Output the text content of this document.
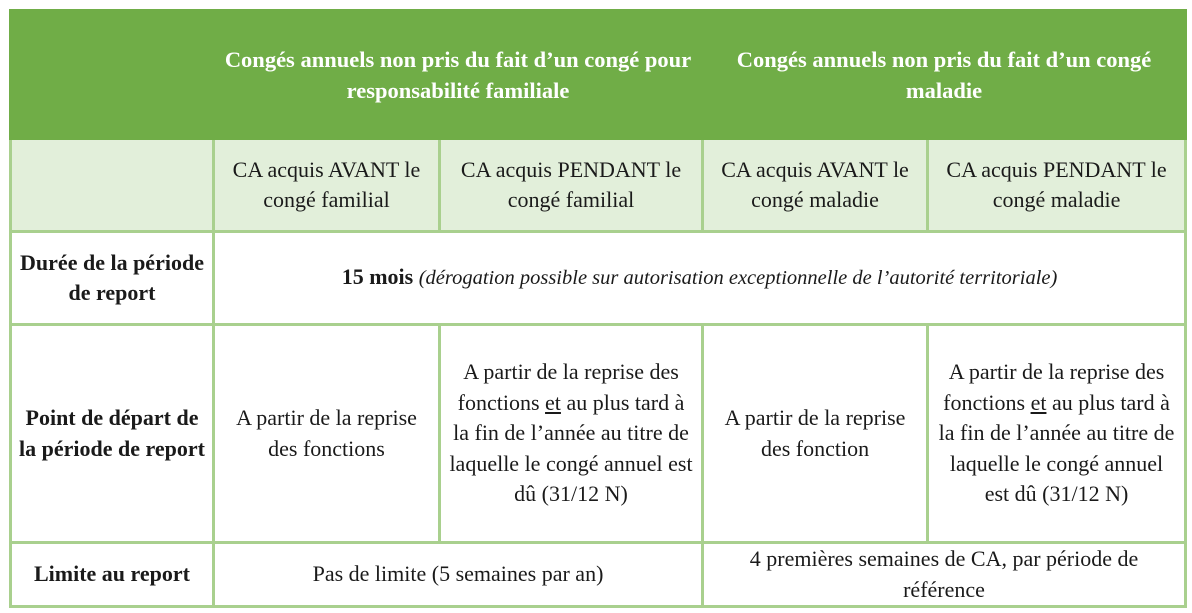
	Congés annuels non pris du fait d’un congé pour responsabilité familiale		Congés annuels non pris du fait d’un congé maladie	
	CA acquis AVANT le congé familial	CA acquis PENDANT le congé familial	CA acquis AVANT le congé maladie	CA acquis PENDANT le congé maladie
Durée de la période de report	15 mois (dérogation possible sur autorisation exceptionnelle de l’autorité territoriale)			
Point de départ de la période de report	A partir de la reprise des fonctions	A partir de la reprise des fonctions et au plus tard à la fin de l’année au titre de laquelle le congé annuel est dû (31/12 N)	A partir de la reprise des fonction	A partir de la reprise des fonctions et au plus tard à la fin de l’année au titre de laquelle le congé annuel est dû (31/12 N)
Limite au report	Pas de limite (5 semaines par an)		4 premières semaines de CA, par période de référence	
